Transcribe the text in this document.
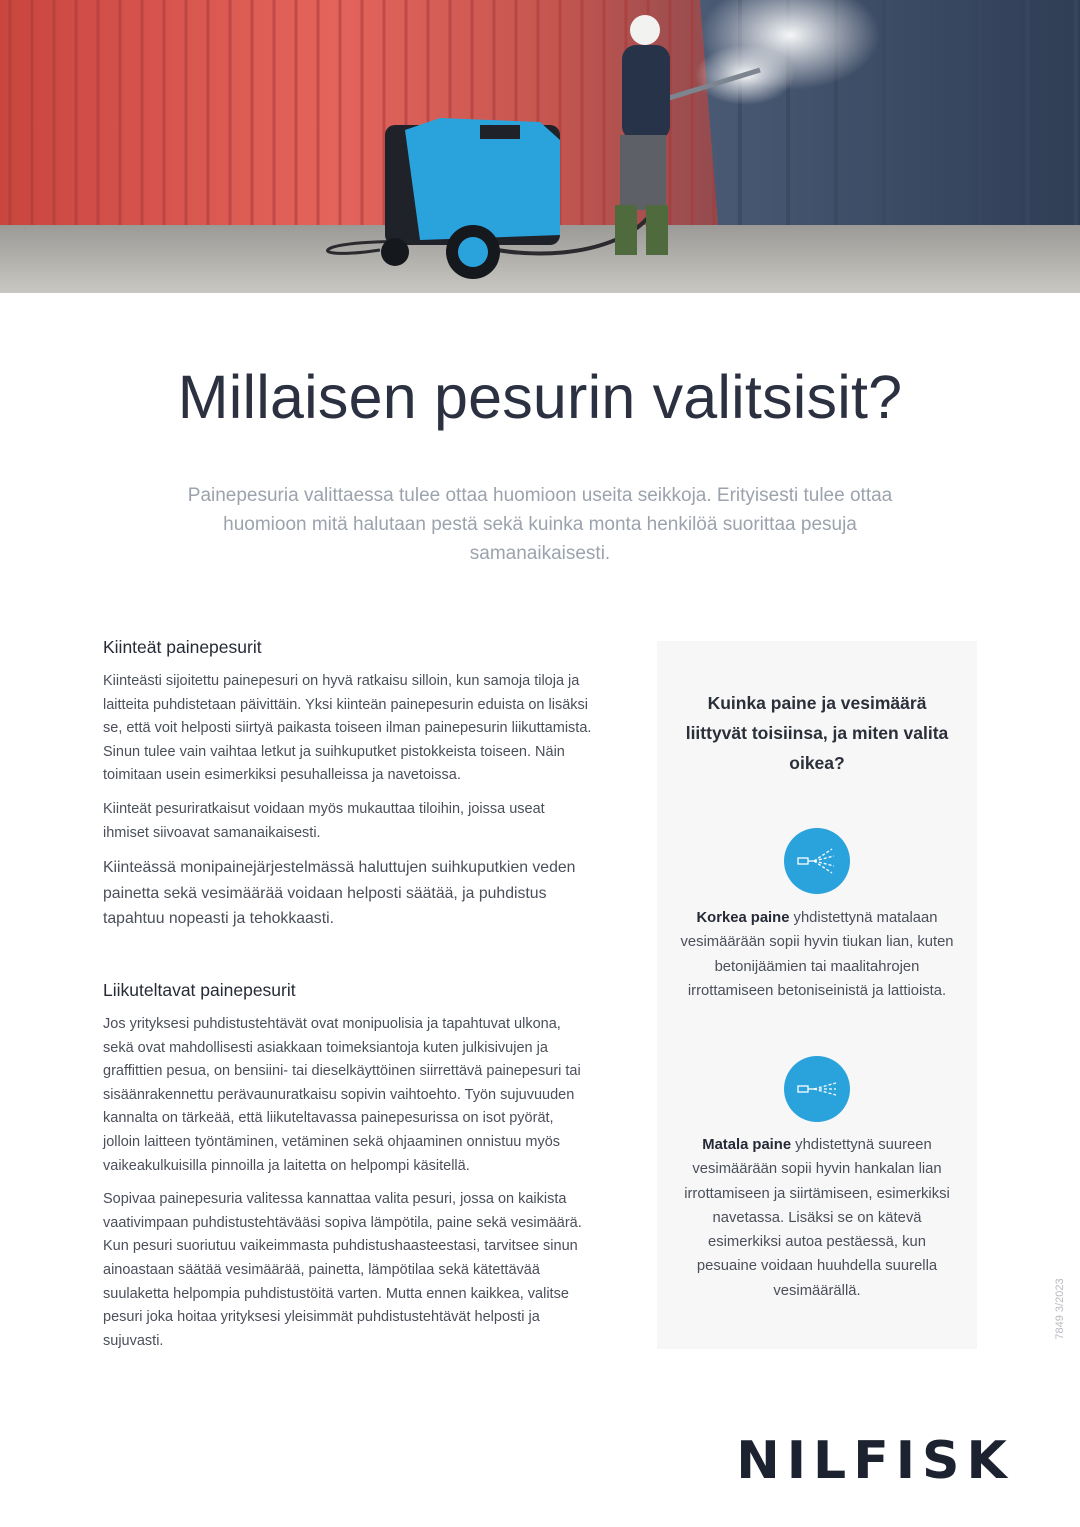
Millaisen pesurin valitsisit?

Painepesuria valittaessa tulee ottaa huomioon useita seikkoja. Erityisesti tulee ottaa huomioon mitä halutaan pestä sekä kuinka monta henkilöä suorittaa pesuja samanaikaisesti.

Kiinteät painepesurit

Kiinteästi sijoitettu painepesuri on hyvä ratkaisu silloin, kun samoja tiloja ja laitteita puhdistetaan päivittäin. Yksi kiinteän painepesurin eduista on lisäksi se, että voit helposti siirtyä paikasta toiseen ilman painepesurin liikuttamista. Sinun tulee vain vaihtaa letkut ja suihkuputket pistokkeista toiseen. Näin toimitaan usein esimerkiksi pesuhalleissa ja navetoissa.

Kiinteät pesuriratkaisut voidaan myös mukauttaa tiloihin, joissa useat ihmiset siivoavat samanaikaisesti.

Kiinteässä monipainejärjestelmässä haluttujen suihkuputkien veden painetta sekä vesimäärää voidaan helposti säätää, ja puhdistus tapahtuu nopeasti ja tehokkaasti.

Liikuteltavat painepesurit

Jos yrityksesi puhdistustehtävät ovat monipuolisia ja tapahtuvat ulkona, sekä ovat mahdollisesti asiakkaan toimeksiantoja kuten julkisivujen ja graffittien pesua, on bensiini- tai dieselkäyttöinen siirrettävä painepesuri tai sisäänrakennettu perävaunuratkaisu sopivin vaihtoehto. Työn sujuvuuden kannalta on tärkeää, että liikuteltavassa painepesurissa on isot pyörät, jolloin laitteen työntäminen, vetäminen sekä ohjaaminen onnistuu myös vaikeakulkuisilla pinnoilla ja laitetta on helpompi käsitellä.

Sopivaa painepesuria valitessa kannattaa valita pesuri, jossa on kaikista vaativimpaan puhdistustehtävääsi sopiva lämpötila, paine sekä vesimäärä. Kun pesuri suoriutuu vaikeimmasta puhdistushaasteestasi, tarvitsee sinun ainoastaan säätää vesimäärää, painetta, lämpötilaa sekä kätettävää suulaketta helpompia puhdistustöitä varten. Mutta ennen kaikkea, valitse pesuri joka hoitaa yrityksesi yleisimmät puhdistustehtävät helposti ja sujuvasti.

Kuinka paine ja vesimäärä liittyvät toisiinsa, ja miten valita oikea?

Korkea paine yhdistettynä matalaan vesimäärään sopii hyvin tiukan lian, kuten betonijäämien tai maalitahrojen irrottamiseen betoniseinistä ja lattioista.

Matala paine yhdistettynä suureen vesimäärään sopii hyvin hankalan lian irrottamiseen ja siirtämiseen, esimerkiksi navetassa. Lisäksi se on kätevä esimerkiksi autoa pestäessä, kun pesuaine voidaan huuhdella suurella vesimäärällä.	7849 3/2023
NILFISK
